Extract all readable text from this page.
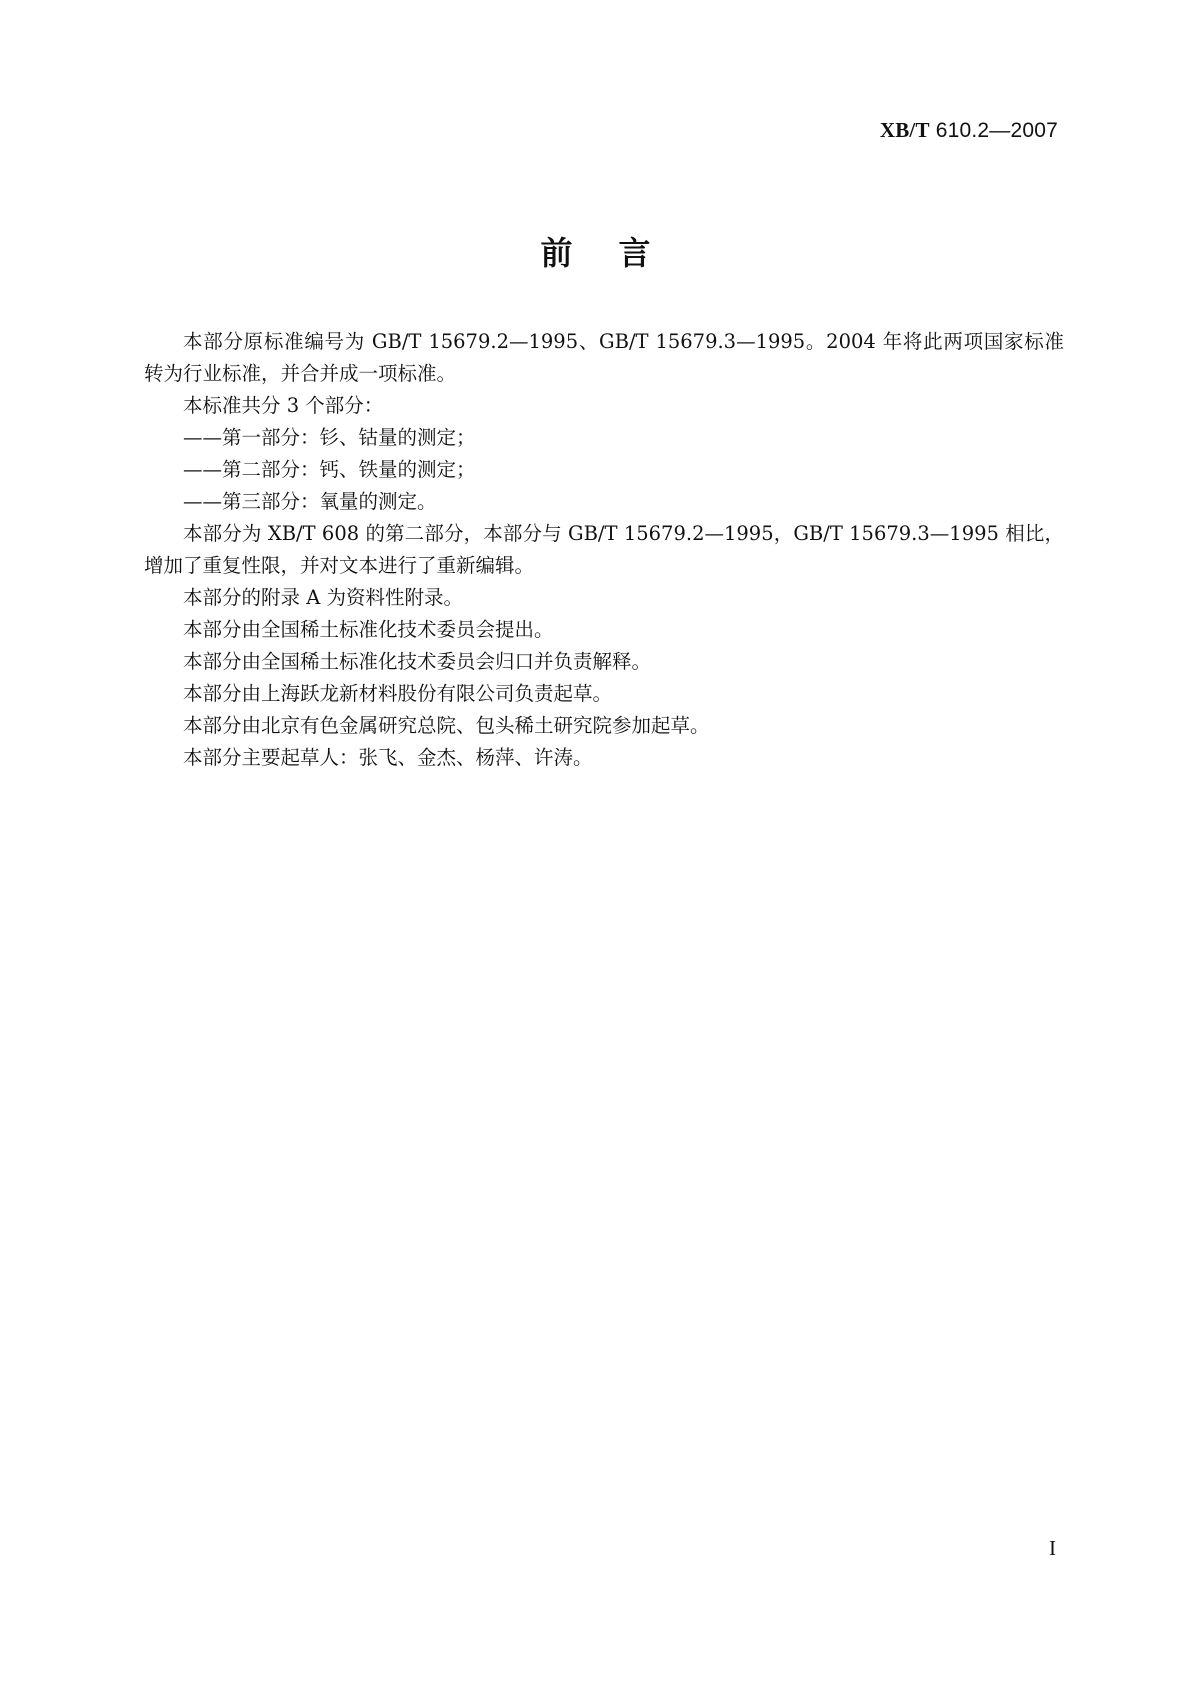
XB/T 610.2—2007
前言

本部分原标准编号为 GB/T 15679.2—1995、GB/T 15679.3—1995。2004 年将此两项国家标准转为行业标准，并合并成一项标准。

本标准共分 3 个部分：

——第一部分：钐、钴量的测定；

——第二部分：钙、铁量的测定；

——第三部分：氧量的测定。

本部分为 XB/T 608 的第二部分，本部分与 GB/T 15679.2—1995，GB/T 15679.3—1995 相比，增加了重复性限，并对文本进行了重新编辑。

本部分的附录 A 为资料性附录。

本部分由全国稀土标准化技术委员会提出。

本部分由全国稀土标准化技术委员会归口并负责解释。

本部分由上海跃龙新材料股份有限公司负责起草。

本部分由北京有色金属研究总院、包头稀土研究院参加起草。

本部分主要起草人：张飞、金杰、杨萍、许涛。

I
